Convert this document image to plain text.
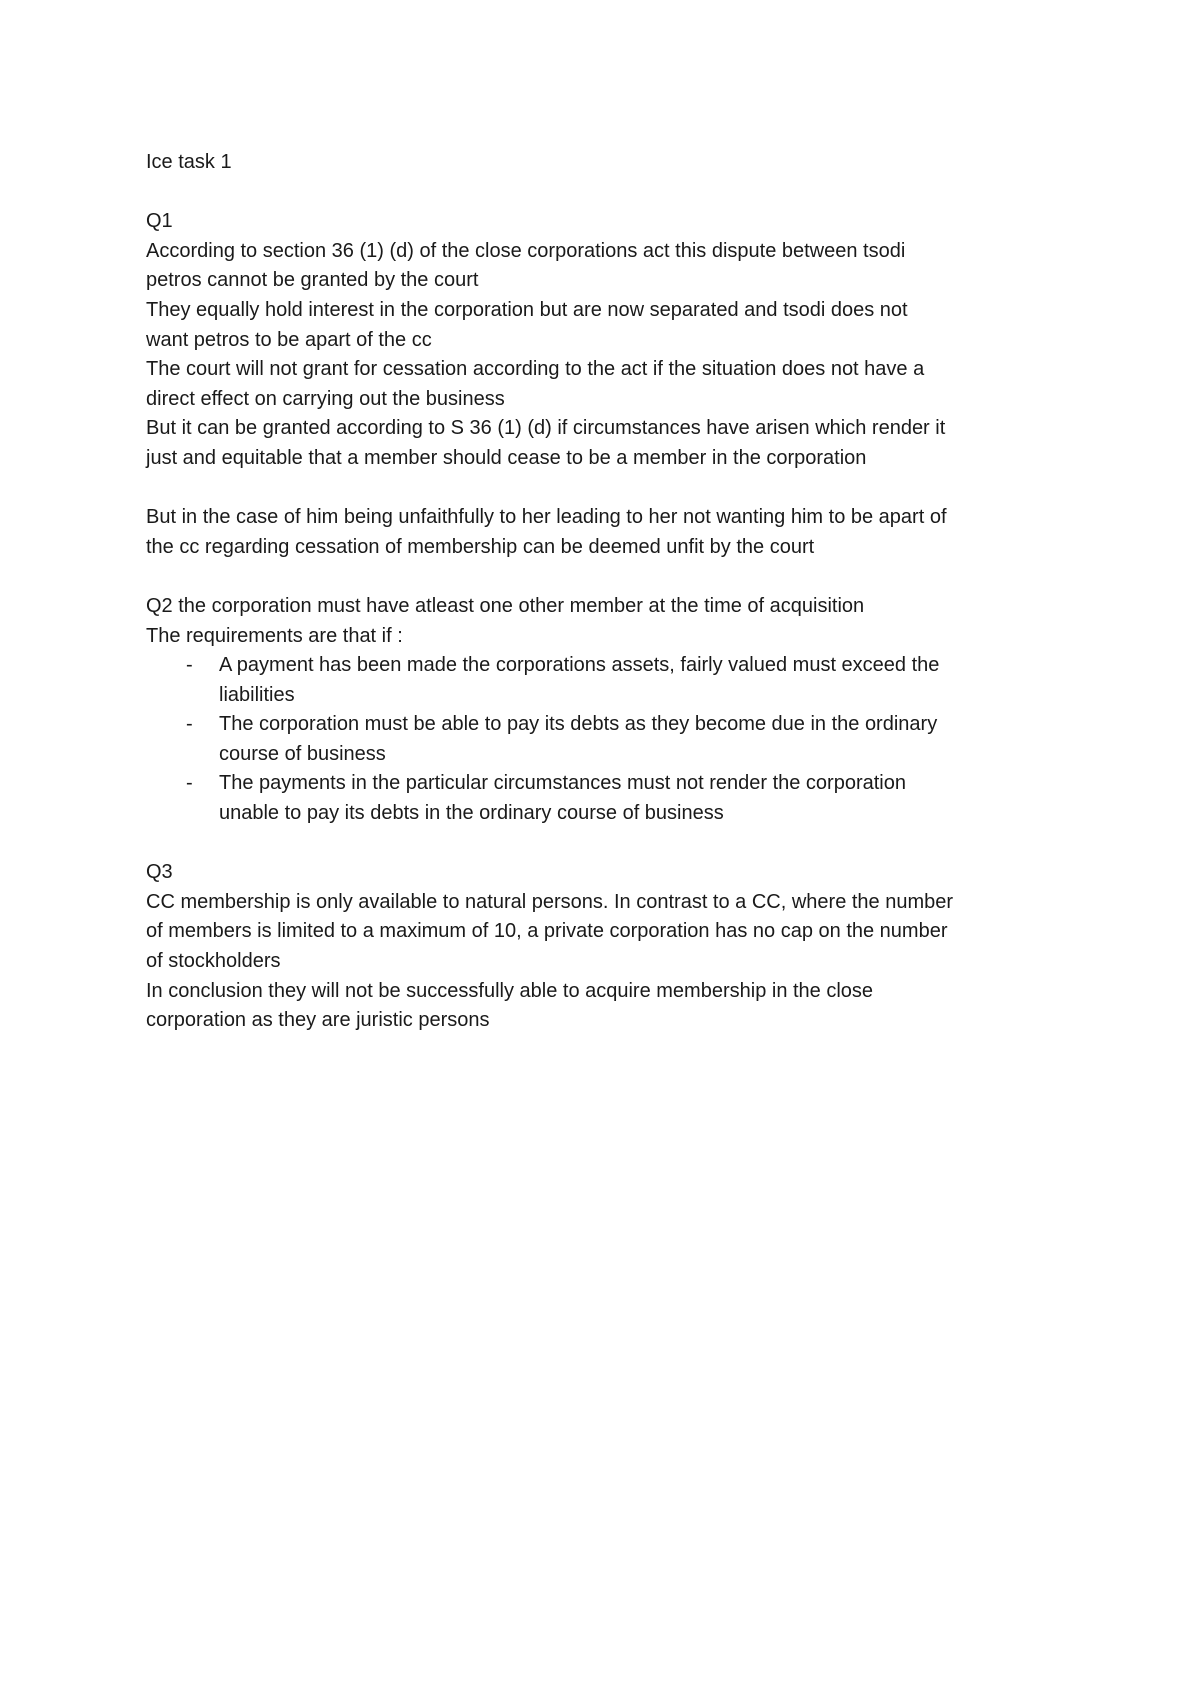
Ice task 1

Q1

According to section 36 (1) (d) of the close corporations act this dispute between tsodi

petros cannot be granted by the court

They equally hold interest in the corporation but are now separated and tsodi does not

want petros to be apart of the cc

The court will not grant for cessation according to the act if the situation does not have a

direct effect on carrying out the business

But it can be granted according to S 36 (1) (d) if circumstances have arisen which render it

just and equitable that a member should cease to be a member in the corporation

But in the case of him being unfaithfully to her leading to her not wanting him to be apart of

the cc regarding cessation of membership can be deemed unfit by the court

Q2 the corporation must have atleast one other member at the time of acquisition

The requirements are that if :

- A payment has been made the corporations assets, fairly valued must exceed the

liabilities

- The corporation must be able to pay its debts as they become due in the ordinary

course of business

- The payments in the particular circumstances must not render the corporation

unable to pay its debts in the ordinary course of business

Q3

CC membership is only available to natural persons. In contrast to a CC, where the number

of members is limited to a maximum of 10, a private corporation has no cap on the number

of stockholders

In conclusion they will not be successfully able to acquire membership in the close

corporation as they are juristic persons
